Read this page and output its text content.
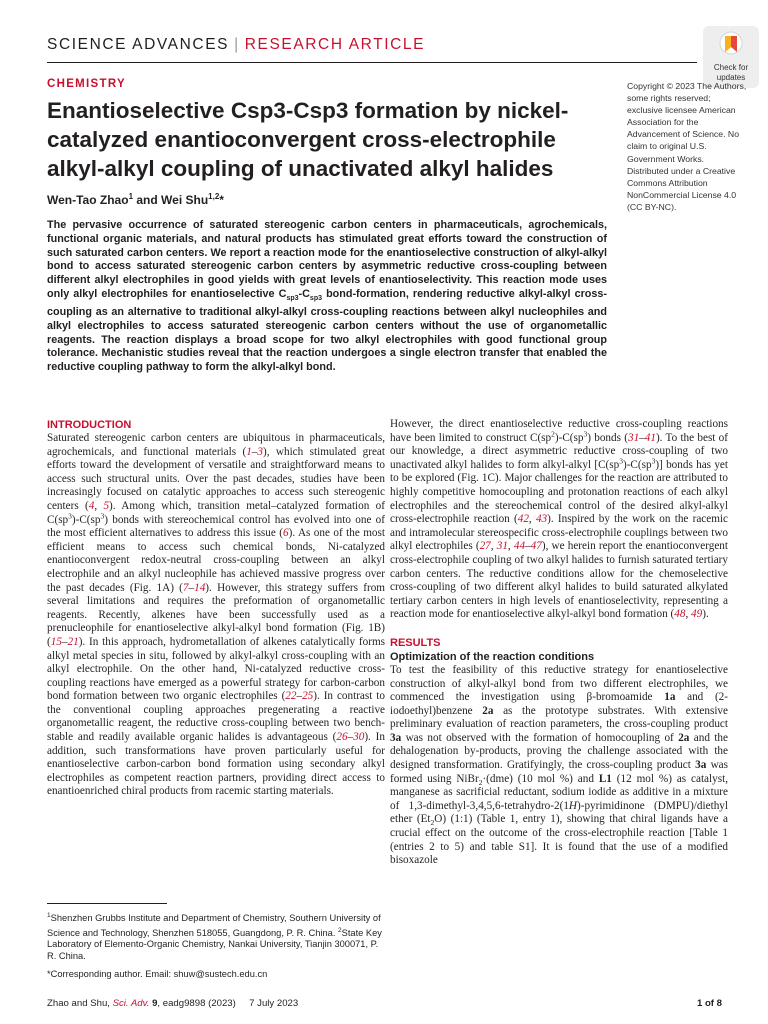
SCIENCE ADVANCES | RESEARCH ARTICLE
Check for
updates
CHEMISTRY
Enantioselective Csp3-Csp3 formation by nickel-catalyzed enantioconvergent cross-electrophile alkyl-alkyl coupling of unactivated alkyl halides
Wen-Tao Zhao$^1$ and Wei Shu$^{1,2}$*

The pervasive occurrence of saturated stereogenic carbon centers in pharmaceuticals, agrochemicals, functional organic materials, and natural products has stimulated great efforts toward the construction of such saturated carbon centers. We report a reaction mode for the enantioselective construction of alkyl-alkyl bond to access saturated stereogenic carbon centers by asymmetric reductive cross-coupling between different alkyl electrophiles in good yields with great levels of enantioselectivity. This reaction mode uses only alkyl electrophiles for enantioselective $C_{sp3}-C_{sp3}$ bond-formation, rendering reductive alkyl-alkyl cross-coupling as an alternative to traditional alkyl-alkyl cross-coupling reactions between alkyl nucleophiles and alkyl electrophiles to access saturated stereogenic carbon centers without the use of organometallic reagents. The reaction displays a broad scope for two alkyl electrophiles with good functional group tolerance. Mechanistic studies reveal that the reaction undergoes a single electron transfer that enabled the reductive coupling pathway to form the alkyl-alkyl bond.

Copyright © 2023 The Authors, some rights reserved; exclusive licensee American Association for the Advancement of Science. No claim to original U.S. Government Works. Distributed under a Creative Commons Attribution NonCommercial License 4.0 (CC BY-NC).

INTRODUCTION

Saturated stereogenic carbon centers are ubiquitous in pharmaceuticals, agrochemicals, and functional materials (1–3), which stimulated great efforts toward the development of versatile and straightforward means to access such structural units. Over the past decades, studies have been increasingly focused on catalytic approaches to access such stereogenic centers (4, 5). Among which, transition metal–catalyzed formation of $C(sp^3)-C(sp^3)$ bonds with stereochemical control has evolved into one of the most efficient alternatives to address this issue (6). As one of the most efficient means to access such chemical bonds, Ni-catalyzed enantioconvergent redox-neutral cross-coupling between an alkyl electrophile and an alkyl nucleophile has achieved massive progress over the past decades (Fig. 1A) (7–14). However, this strategy suffers from several limitations and requires the preformation of organometallic reagents. Recently, alkenes have been successfully used as a prenucleophile for enantioselective alkyl-alkyl bond formation (Fig. 1B) (15–21). In this approach, hydrometallation of alkenes catalytically forms alkyl metal species in situ, followed by alkyl-alkyl cross-coupling with an alkyl electrophile. On the other hand, Ni-catalyzed reductive cross-coupling reactions have emerged as a powerful strategy for carbon-carbon bond formation between two organic electrophiles (22–25). In contrast to the conventional coupling approaches pregenerating a reactive organometallic reagent, the reductive cross-coupling between two bench-stable and readily available organic halides is advantageous (26–30). In addition, such transformations have proven particularly useful for enantioselective carbon-carbon bond formation using secondary alkyl electrophiles as competent reaction partners, providing direct access to enantioenriched chiral products from racemic starting materials.

However, the direct enantioselective reductive cross-coupling reactions have been limited to construct $C(sp^2)-C(sp^3)$ bonds (31–41). To the best of our knowledge, a direct asymmetric reductive cross-coupling of two unactivated alkyl halides to form alkyl-alkyl $[C(sp^3)-C(sp^3)]$ bonds has yet to be explored (Fig. 1C). Major challenges for the reaction are attributed to highly competitive homocoupling and protonation reactions of each alkyl electrophiles and the stereochemical control of the desired alkyl-alkyl cross-electrophile reaction (42, 43). Inspired by the work on the racemic and intramolecular stereospecific cross-electrophile couplings between two alkyl electrophiles (27, 31, 44–47), we herein report the enantioconvergent cross-electrophile coupling of two alkyl halides to furnish saturated tertiary carbon centers. The reductive conditions allow for the chemoselective cross-coupling of two different alkyl halides to build saturated alkylated tertiary carbon centers in high levels of enantioselectivity, representing a reaction mode for enantioselective alkyl-alkyl bond formation (48, 49).

RESULTS
Optimization of the reaction conditions

To test the feasibility of this reductive strategy for enantioselective construction of alkyl-alkyl bond from two different electrophiles, we commenced the investigation using β-bromoamide 1a and (2-iodoethyl)benzene 2a as the prototype substrates. With extensive preliminary evaluation of reaction parameters, the cross-coupling product 3a was not observed with the formation of homocoupling of 2a and the dehalogenation by-products, proving the challenge associated with the designed transformation. Gratifyingly, the cross-coupling product 3a was formed using NiBr$_2$·(dme) (10 mol %) and L1 (12 mol %) as catalyst, manganese as sacrificial reductant, sodium iodide as additive in a mixture of 1,3-dimethyl-3,4,5,6-tetrahydro-2(1H)-pyrimidinone (DMPU)/diethyl ether $(Et_2O)$ (1:1) (Table 1, entry 1), showing that chiral ligands have a crucial effect on the outcome of the cross-electrophile reaction [Table 1 (entries 2 to 5) and table S1]. It is found that the use of a modified bisoxazole

$^1$Shenzhen Grubbs Institute and Department of Chemistry, Southern University of Science and Technology, Shenzhen 518055, Guangdong, P. R. China. $^2$State Key Laboratory of Elemento-Organic Chemistry, Nankai University, Tianjin 300071, P. R. China.

*Corresponding author. Email: shuw@sustech.edu.cn

Zhao and Shu, Sci. Adv. 9, eadg9898 (2023)     7 July 2023	1 of 8
